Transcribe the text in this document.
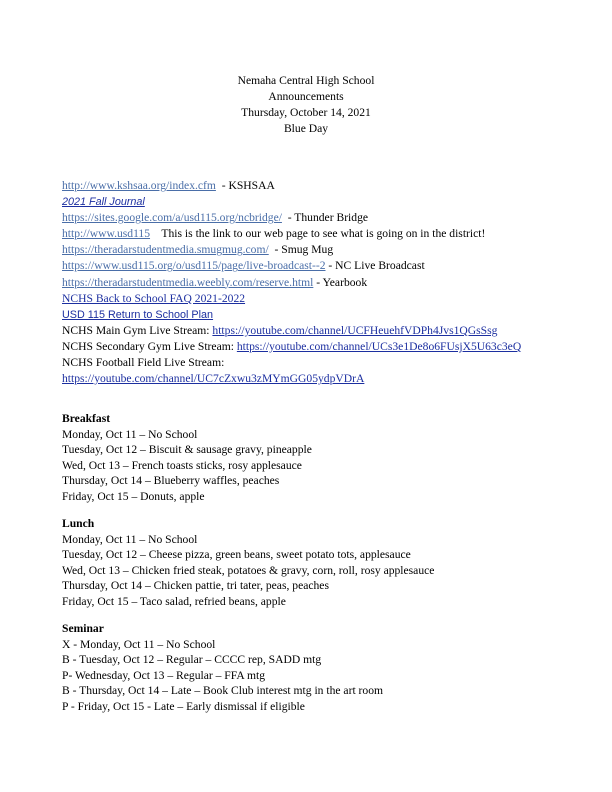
Nemaha Central High School
Announcements
Thursday, October 14, 2021
Blue Day
http://www.kshsaa.org/index.cfm - KSHSAA
2021 Fall Journal
https://sites.google.com/a/usd115.org/ncbridge/ - Thunder Bridge
http://www.usd115 This is the link to our web page to see what is going on in the district!
https://theradarstudentmedia.smugmug.com/ - Smug Mug
https://www.usd115.org/o/usd115/page/live-broadcast--2 - NC Live Broadcast
https://theradarstudentmedia.weebly.com/reserve.html - Yearbook
NCHS Back to School FAQ 2021-2022
USD 115 Return to School Plan
NCHS Main Gym Live Stream: https://youtube.com/channel/UCFHeuehfVDPh4Jvs1QGsSsg
NCHS Secondary Gym Live Stream: https://youtube.com/channel/UCs3e1De8o6FUsjX5U63c3eQ
NCHS Football Field Live Stream:
https://youtube.com/channel/UC7cZxwu3zMYmGG05ydpVDrA
Breakfast
Monday, Oct 11 – No School
Tuesday, Oct 12 – Biscuit & sausage gravy, pineapple
Wed, Oct 13 – French toasts sticks, rosy applesauce
Thursday, Oct 14 – Blueberry waffles, peaches
Friday, Oct 15 – Donuts, apple
Lunch
Monday, Oct 11 – No School
Tuesday, Oct 12 – Cheese pizza, green beans, sweet potato tots, applesauce
Wed, Oct 13 – Chicken fried steak, potatoes & gravy, corn, roll, rosy applesauce
Thursday, Oct 14 – Chicken pattie, tri tater, peas, peaches
Friday, Oct 15 – Taco salad, refried beans, apple
Seminar
X - Monday, Oct 11 – No School
B - Tuesday, Oct 12 – Regular – CCCC rep, SADD mtg
P- Wednesday, Oct 13 – Regular – FFA mtg
B - Thursday, Oct 14 – Late – Book Club interest mtg in the art room
P - Friday, Oct 15 - Late – Early dismissal if eligible
